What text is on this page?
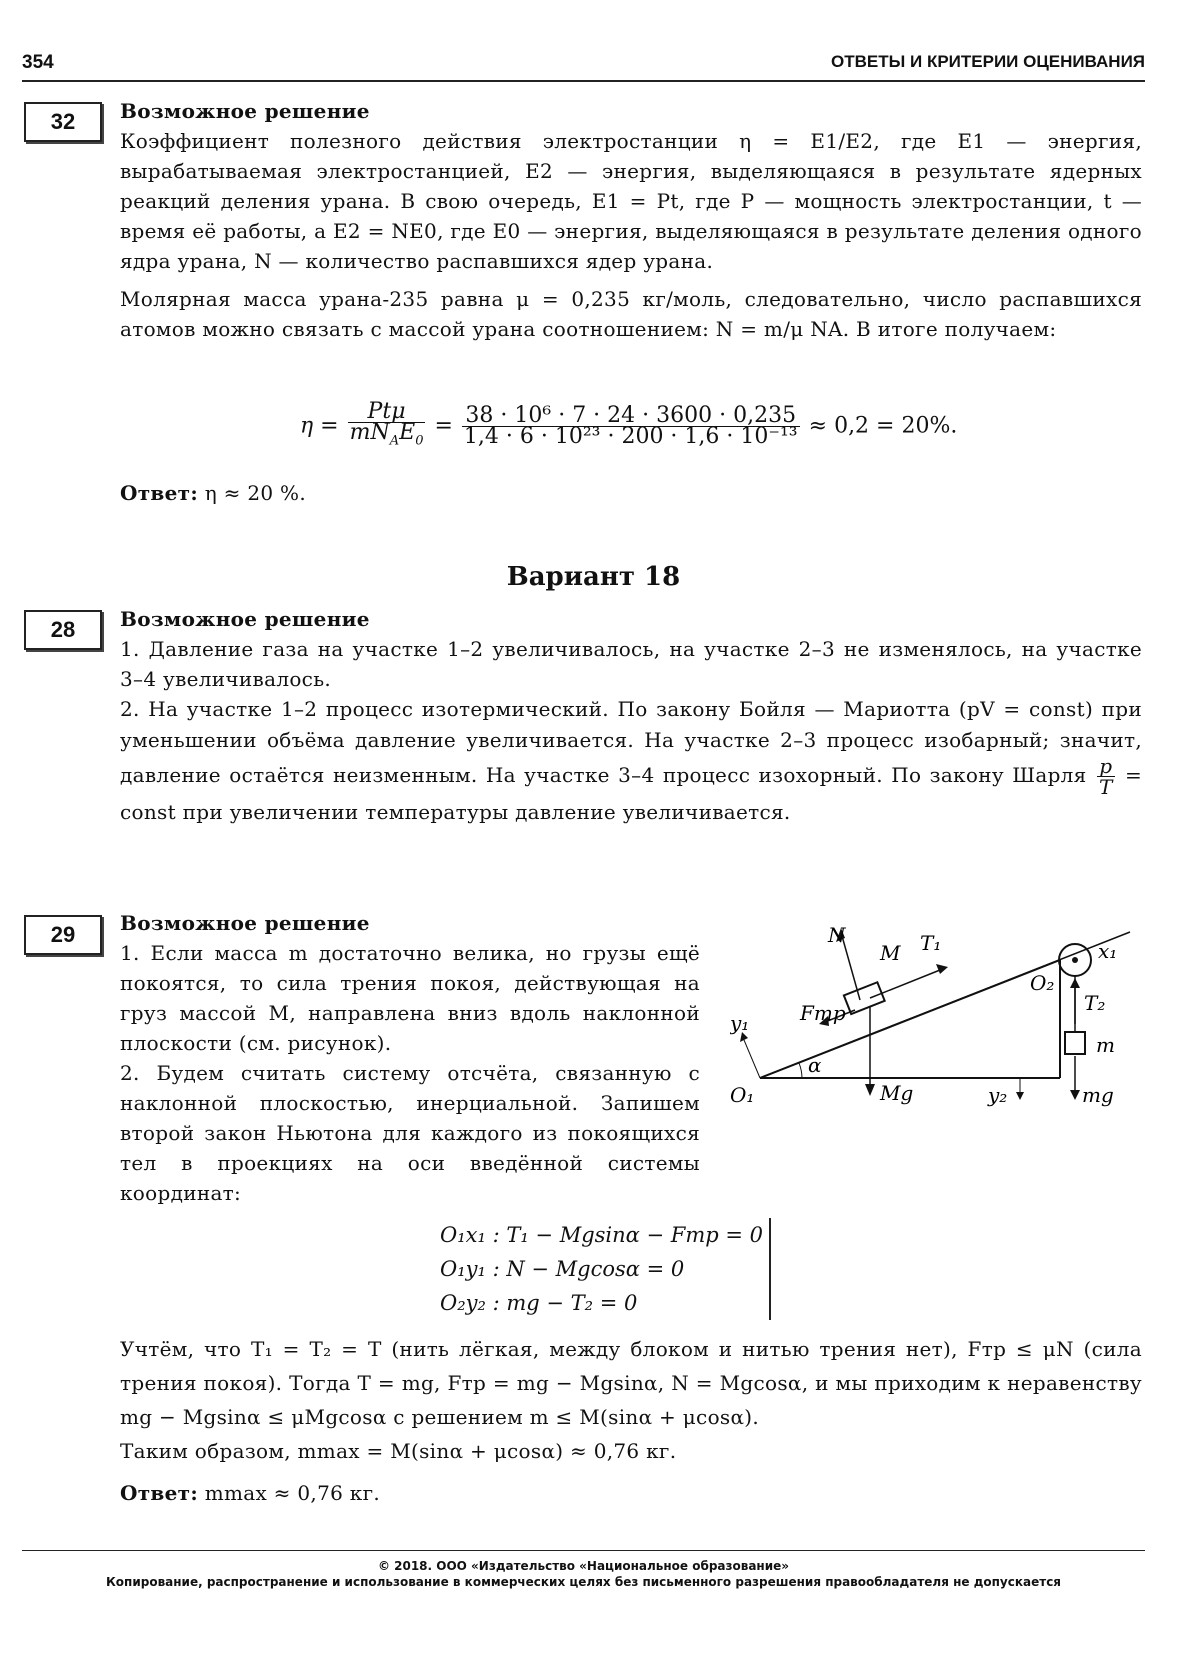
354	ОТВЕТЫ И КРИТЕРИИ ОЦЕНИВАНИЯ
32	Возможное решение

Коэффициент полезного действия электростанции η = E1/E2, где E1 — энергия, вырабатываемая электростанцией, E2 — энергия, выделяющаяся в результате ядерных реакций деления урана. В свою очередь, E1 = Pt, где P — мощность электростанции, t — время её работы, а E2 = NE0, где E0 — энергия, выделяющаяся в результате деления одного ядра урана, N — количество распавшихся ядер урана.

Молярная масса урана-235 равна μ = 0,235 кг/моль, следовательно, число распавшихся атомов можно связать с массой урана соотношением: N = m/μ NA. В итоге получаем:

η =
Ptμ
$mN_AE_0$
= $\frac{\text{38 · 10⁶ · 7 · 24 · 3600 · 0,235}}{\text{1,4 · 6 · 10²³ · 200 · 1,6 · 10⁻¹³}} \approx 0,2 = 20\%$.
Ответ: η ≈ 20 %.
Вариант 18
28	Возможное решение

1. Давление газа на участке 1–2 увеличивалось, на участке 2–3 не изменялось, на участке 3–4 увеличивалось.

2. На участке 1–2 процесс изотермический. По закону Бойля — Мариотта (pV = const) при уменьшении объёма давление увеличивается. На участке 2–3 процесс изобарный; значит, давление остаётся неизменным. На участке 3–4 процесс изохорный. По закону Шарля $\frac{p}{T}$ = const при увеличении температуры давление увеличивается.

29	Возможное решение

1. Если масса m достаточно велика, но грузы ещё покоятся, то сила трения покоя, действующая на груз массой M, направлена вниз вдоль наклонной плоскости (см. рисунок).

2. Будем считать систему отсчёта, связанную с наклонной плоскостью, инерциальной. Запишем второй закон Ньютона для каждого из покоящихся тел в проекциях на оси введённой системы координат:

N
M T₁
Fтр
y₁
α
O₁	Mg
O₂
y₂
T₂
m
mg
x₁
O₁x₁ : T₁ − Mgsinα − Fтр = 0
O₁y₁ : N − Mgcosα = 0
O₂y₂ : mg − T₂ = 0

Учтём, что T₁ = T₂ = T (нить лёгкая, между блоком и нитью трения нет), Fтр ≤ μN (сила трения покоя). Тогда T = mg, Fтр = mg − Mgsinα, N = Mgcosα, и мы приходим к неравенству mg − Mgsinα ≤ μMgcosα с решением m ≤ M(sinα + μcosα).

Таким образом, mmax = M(sinα + μcosα) ≈ 0,76 кг.

Ответ: mmax ≈ 0,76 кг.
© 2018. ООО «Издательство «Национальное образование»
Копирование, распространение и использование в коммерческих целях без письменного разрешения правообладателя не допускается
